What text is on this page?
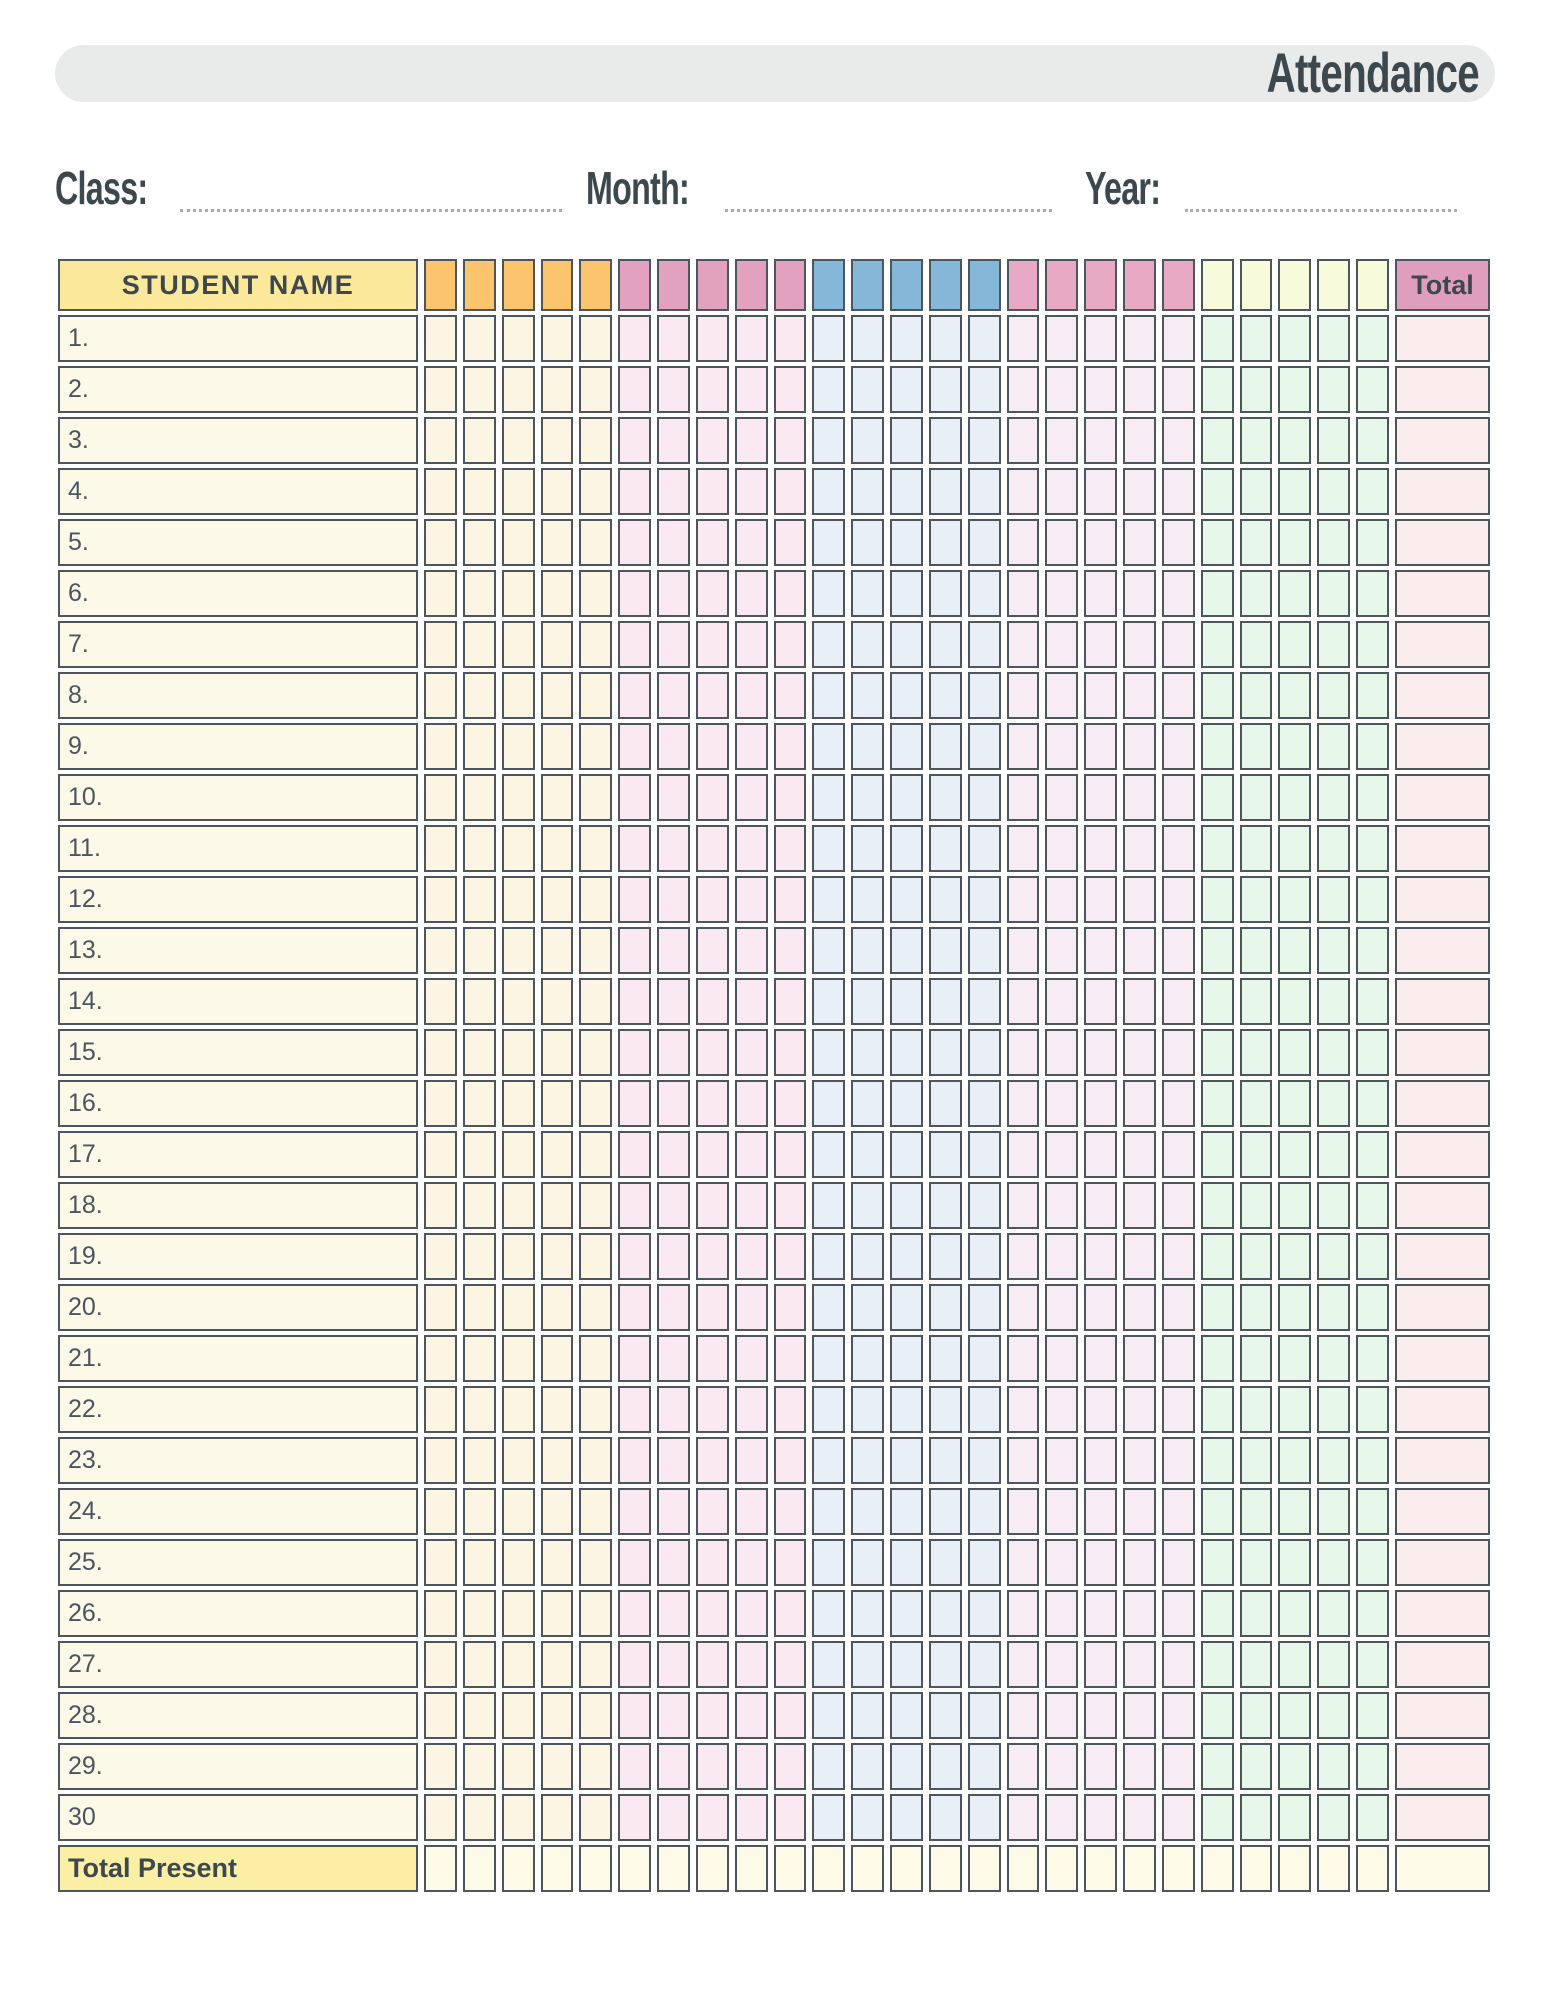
Attendance
Class:	Month:	Year:
STUDENT NAME	Total
1.
2.
3.
4.
5.
6.
7.
8.
9.
10.
11.
12.
13.
14.
15.
16.
17.
18.
19.
20.
21.
22.
23.
24.
25.
26.
27.
28.
29.
30
Total Present
